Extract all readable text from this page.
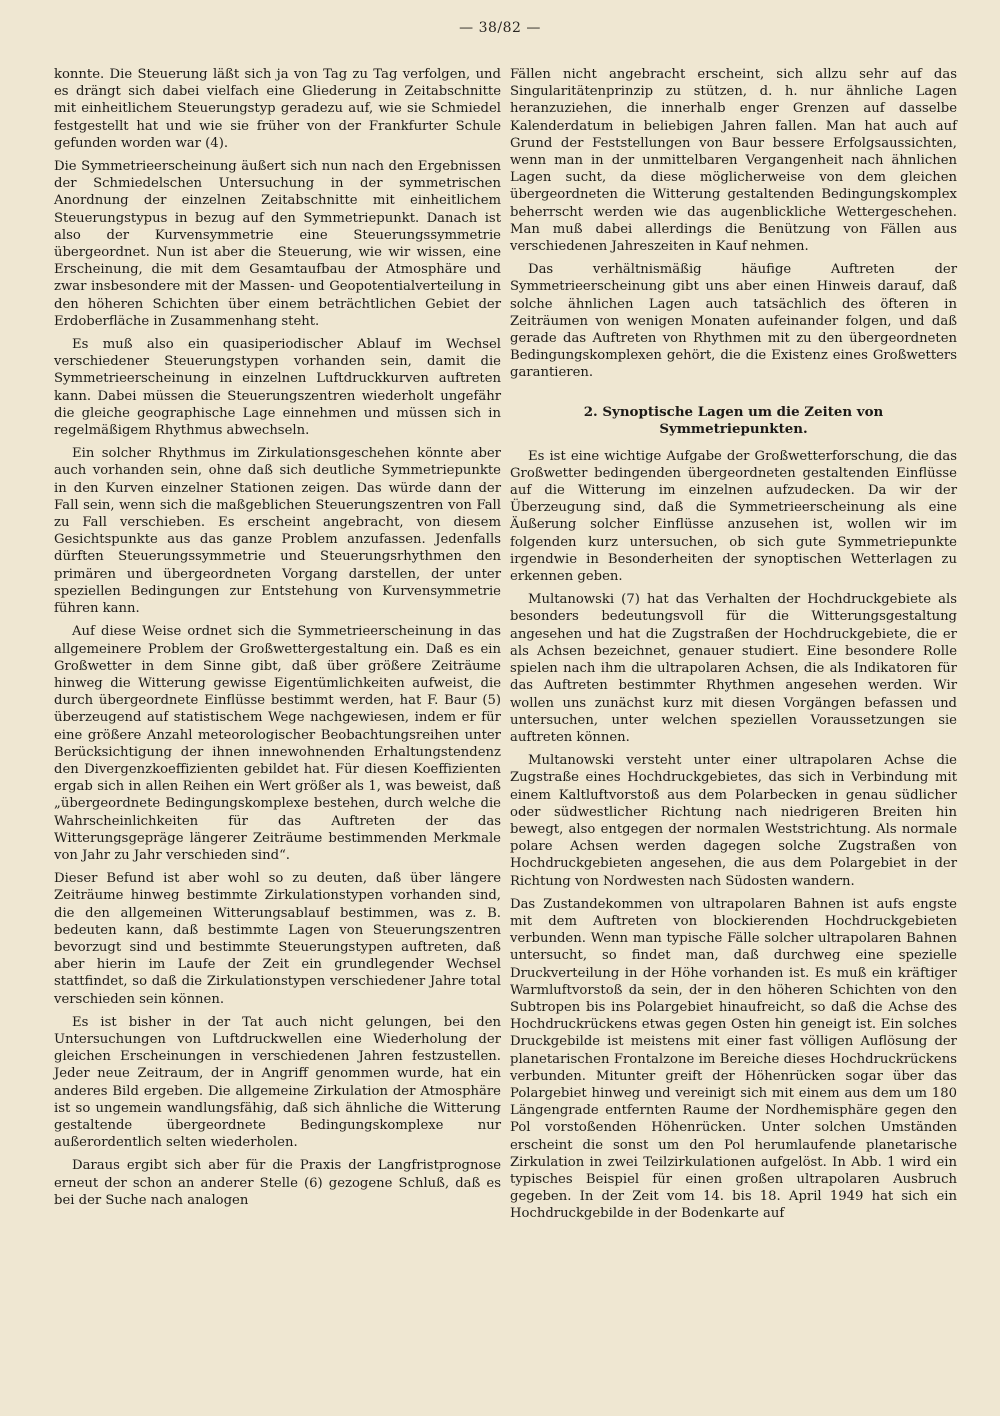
— 38/82 —

konnte. Die Steuerung läßt sich ja von Tag zu Tag verfolgen, und es drängt sich dabei vielfach eine Gliederung in Zeitabschnitte mit einheitlichem Steuerungstyp geradezu auf, wie sie Schmiedel festgestellt hat und wie sie früher von der Frankfurter Schule gefunden worden war (4).

Die Symmetrieerscheinung äußert sich nun nach den Ergebnissen der Schmiedelschen Untersuchung in der symmetrischen Anordnung der einzelnen Zeitabschnitte mit einheitlichem Steuerungstypus in bezug auf den Symmetriepunkt. Danach ist also der Kurvensymmetrie eine Steuerungssymmetrie übergeordnet. Nun ist aber die Steuerung, wie wir wissen, eine Erscheinung, die mit dem Gesamtaufbau der Atmosphäre und zwar insbesondere mit der Massen- und Geopotentialverteilung in den höheren Schichten über einem beträchtlichen Gebiet der Erdoberfläche in Zusammenhang steht.

Es muß also ein quasiperiodischer Ablauf im Wechsel verschiedener Steuerungstypen vorhanden sein, damit die Symmetrieerscheinung in einzelnen Luftdruckkurven auftreten kann. Dabei müssen die Steuerungszentren wiederholt ungefähr die gleiche geographische Lage einnehmen und müssen sich in regelmäßigem Rhythmus abwechseln.

Ein solcher Rhythmus im Zirkulationsgeschehen könnte aber auch vorhanden sein, ohne daß sich deutliche Symmetriepunkte in den Kurven einzelner Stationen zeigen. Das würde dann der Fall sein, wenn sich die maßgeblichen Steuerungszentren von Fall zu Fall verschieben. Es erscheint angebracht, von diesem Gesichtspunkte aus das ganze Problem anzufassen. Jedenfalls dürften Steuerungssymmetrie und Steuerungsrhythmen den primären und übergeordneten Vorgang darstellen, der unter speziellen Bedingungen zur Entstehung von Kurvensymmetrie führen kann.

Auf diese Weise ordnet sich die Symmetrieerscheinung in das allgemeinere Problem der Großwettergestaltung ein. Daß es ein Großwetter in dem Sinne gibt, daß über größere Zeiträume hinweg die Witterung gewisse Eigentümlichkeiten aufweist, die durch übergeordnete Einflüsse bestimmt werden, hat F. Baur (5) überzeugend auf statistischem Wege nachgewiesen, indem er für eine größere Anzahl meteorologischer Beobachtungsreihen unter Berücksichtigung der ihnen innewohnenden Erhaltungstendenz den Divergenzkoeffizienten gebildet hat. Für diesen Koeffizienten ergab sich in allen Reihen ein Wert größer als 1, was beweist, daß „übergeordnete Bedingungskomplexe bestehen, durch welche die Wahrscheinlichkeiten für das Auftreten der das Witterungsgepräge längerer Zeiträume bestimmenden Merkmale von Jahr zu Jahr verschieden sind“.

Dieser Befund ist aber wohl so zu deuten, daß über längere Zeiträume hinweg bestimmte Zirkulationstypen vorhanden sind, die den allgemeinen Witterungsablauf bestimmen, was z. B. bedeuten kann, daß bestimmte Lagen von Steuerungszentren bevorzugt sind und bestimmte Steuerungstypen auftreten, daß aber hierin im Laufe der Zeit ein grundlegender Wechsel stattfindet, so daß die Zirkulationstypen verschiedener Jahre total verschieden sein können.

Es ist bisher in der Tat auch nicht gelungen, bei den Untersuchungen von Luftdruckwellen eine Wiederholung der gleichen Erscheinungen in verschiedenen Jahren festzustellen. Jeder neue Zeitraum, der in Angriff genommen wurde, hat ein anderes Bild ergeben. Die allgemeine Zirkulation der Atmosphäre ist so ungemein wandlungsfähig, daß sich ähnliche die Witterung gestaltende übergeordnete Bedingungskomplexe nur außerordentlich selten wiederholen.

Daraus ergibt sich aber für die Praxis der Langfristprognose erneut der schon an anderer Stelle (6) gezogene Schluß, daß es bei der Suche nach analogen

Fällen nicht angebracht erscheint, sich allzu sehr auf das Singularitätenprinzip zu stützen, d. h. nur ähnliche Lagen heranzuziehen, die innerhalb enger Grenzen auf dasselbe Kalenderdatum in beliebigen Jahren fallen. Man hat auch auf Grund der Feststellungen von Baur bessere Erfolgsaussichten, wenn man in der unmittelbaren Vergangenheit nach ähnlichen Lagen sucht, da diese möglicherweise von dem gleichen übergeordneten die Witterung gestaltenden Bedingungskomplex beherrscht werden wie das augenblickliche Wettergeschehen. Man muß dabei allerdings die Benützung von Fällen aus verschiedenen Jahreszeiten in Kauf nehmen.

Das verhältnismäßig häufige Auftreten der Symmetrieerscheinung gibt uns aber einen Hinweis darauf, daß solche ähnlichen Lagen auch tatsächlich des öfteren in Zeiträumen von wenigen Monaten aufeinander folgen, und daß gerade das Auftreten von Rhythmen mit zu den übergeordneten Bedingungskomplexen gehört, die die Existenz eines Großwetters garantieren.

2. Synoptische Lagen um die Zeiten von
Symmetriepunkten.

Es ist eine wichtige Aufgabe der Großwetterforschung, die das Großwetter bedingenden übergeordneten gestaltenden Einflüsse auf die Witterung im einzelnen aufzudecken. Da wir der Überzeugung sind, daß die Symmetrieerscheinung als eine Äußerung solcher Einflüsse anzusehen ist, wollen wir im folgenden kurz untersuchen, ob sich gute Symmetriepunkte irgendwie in Besonderheiten der synoptischen Wetterlagen zu erkennen geben.

Multanowski (7) hat das Verhalten der Hochdruckgebiete als besonders bedeutungsvoll für die Witterungsgestaltung angesehen und hat die Zugstraßen der Hochdruckgebiete, die er als Achsen bezeichnet, genauer studiert. Eine besondere Rolle spielen nach ihm die ultrapolaren Achsen, die als Indikatoren für das Auftreten bestimmter Rhythmen angesehen werden. Wir wollen uns zunächst kurz mit diesen Vorgängen befassen und untersuchen, unter welchen speziellen Voraussetzungen sie auftreten können.

Multanowski versteht unter einer ultrapolaren Achse die Zugstraße eines Hochdruckgebietes, das sich in Verbindung mit einem Kaltluftvorstoß aus dem Polarbecken in genau südlicher oder südwestlicher Richtung nach niedrigeren Breiten hin bewegt, also entgegen der normalen Weststrichtung. Als normale polare Achsen werden dagegen solche Zugstraßen von Hochdruckgebieten angesehen, die aus dem Polargebiet in der Richtung von Nordwesten nach Südosten wandern.

Das Zustandekommen von ultrapolaren Bahnen ist aufs engste mit dem Auftreten von blockierenden Hochdruckgebieten verbunden. Wenn man typische Fälle solcher ultrapolaren Bahnen untersucht, so findet man, daß durchweg eine spezielle Druckverteilung in der Höhe vorhanden ist. Es muß ein kräftiger Warmluftvorstoß da sein, der in den höheren Schichten von den Subtropen bis ins Polargebiet hinaufreicht, so daß die Achse des Hochdruckrückens etwas gegen Osten hin geneigt ist. Ein solches Druckgebilde ist meistens mit einer fast völligen Auflösung der planetarischen Frontalzone im Bereiche dieses Hochdruckrückens verbunden. Mitunter greift der Höhenrücken sogar über das Polargebiet hinweg und vereinigt sich mit einem aus dem um 180 Längengrade entfernten Raume der Nordhemisphäre gegen den Pol vorstoßenden Höhenrücken. Unter solchen Umständen erscheint die sonst um den Pol herumlaufende planetarische Zirkulation in zwei Teilzirkulationen aufgelöst. In Abb. 1 wird ein typisches Beispiel für einen großen ultrapolaren Ausbruch gegeben. In der Zeit vom 14. bis 18. April 1949 hat sich ein Hochdruckgebilde in der Bodenkarte auf
